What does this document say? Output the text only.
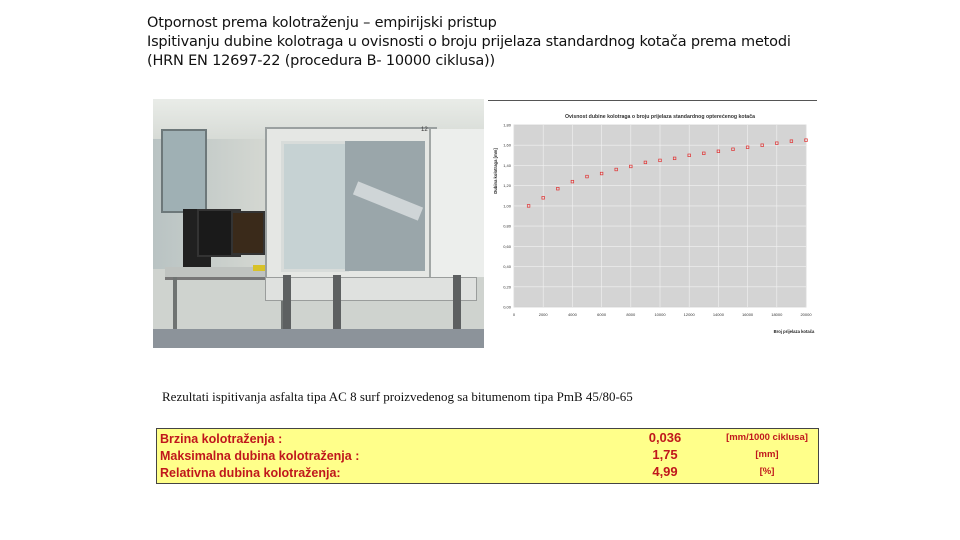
Otpornost prema kolotraženju – empirijski pristup
Ispitivanju dubine kolotraga u ovisnosti o broju prijelaza standardnog kotača prema metodi
(HRN EN 12697-22 (procedura B- 10000 ciklusa))
12
Ovisnost dubine kolotraga o broju prijelaza standardnog opterećenog kotača
0,00
0,20
0,40
0,60
0,80
1,00
1,20
1,40
1,60
1,80
0	2000	4000	6000	8000	10000	12000	14000	16000	18000	20000
Dubina kolotraga [mm]
Broj prijelaza kotača
Rezultati ispitivanja asfalta tipa AC 8 surf proizvedenog sa bitumenom tipa PmB 45/80-65
Brzina kolotraženja :	0,036	[mm/1000 ciklusa]
Maksimalna dubina kolotraženja :	1,75	[mm]
Relativna dubina kolotraženja:	4,99	[%]
